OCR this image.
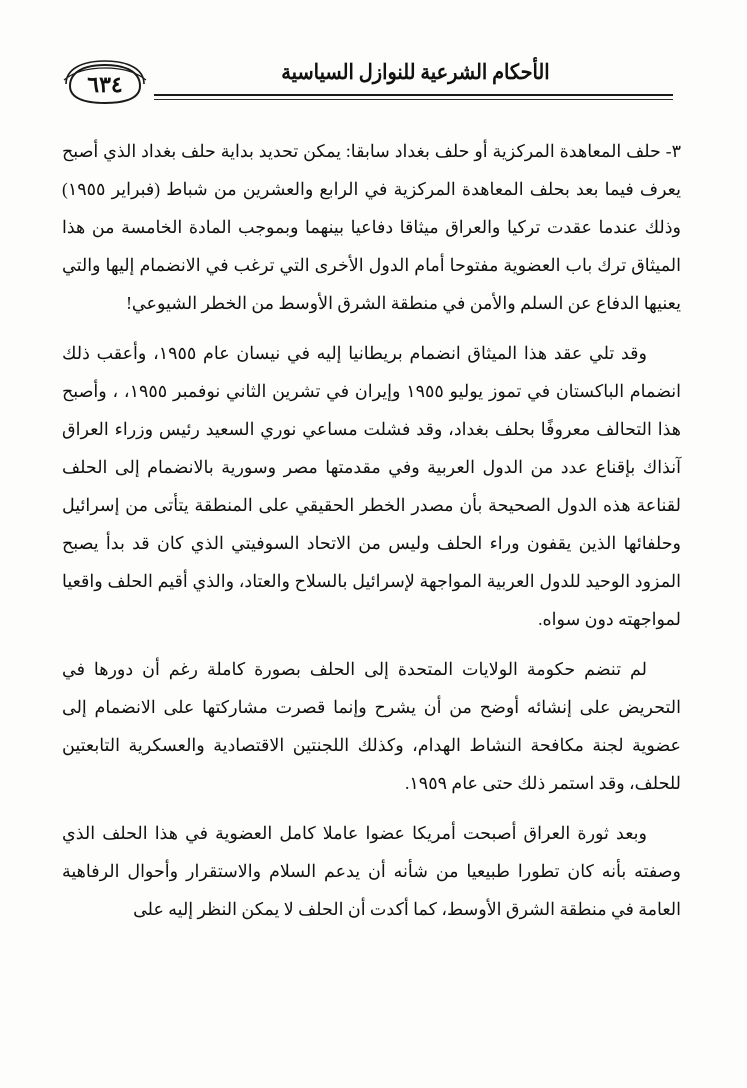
الأحكام الشرعية للنوازل السياسية
٦٣٤

٣- حلف المعاهدة المركزية أو حلف بغداد سابقا: يمكن تحديد بداية حلف بغداد الذي أصبح يعرف فيما بعد بحلف المعاهدة المركزية في الرابع والعشرين من شباط (فبراير ١٩٥٥) وذلك عندما عقدت تركيا والعراق ميثاقا دفاعيا بينهما وبموجب المادة الخامسة من هذا الميثاق ترك باب العضوية مفتوحا أمام الدول الأخرى التي ترغب في الانضمام إليها والتي يعنيها الدفاع عن السلم والأمن في منطقة الشرق الأوسط من الخطر الشيوعي!

وقد تلي عقد هذا الميثاق انضمام بريطانيا إليه في نيسان عام ١٩٥٥، وأعقب ذلك انضمام الباكستان في تموز يوليو ١٩٥٥ وإيران في تشرين الثاني نوفمبر ١٩٥٥، ، وأصبح هذا التحالف معروفًا بحلف بغداد، وقد فشلت مساعي نوري السعيد رئيس وزراء العراق آنذاك بإقناع عدد من الدول العربية وفي مقدمتها مصر وسورية بالانضمام إلى الحلف لقناعة هذه الدول الصحيحة بأن مصدر الخطر الحقيقي على المنطقة يتأتى من إسرائيل وحلفائها الذين يقفون وراء الحلف وليس من الاتحاد السوفيتي الذي كان قد بدأ يصبح المزود الوحيد للدول العربية المواجهة لإسرائيل بالسلاح والعتاد، والذي أقيم الحلف واقعيا لمواجهته دون سواه.

لم تنضم حكومة الولايات المتحدة إلى الحلف بصورة كاملة رغم أن دورها في التحريض على إنشائه أوضح من أن يشرح وإنما قصرت مشاركتها على الانضمام إلى عضوية لجنة مكافحة النشاط الهدام، وكذلك اللجنتين الاقتصادية والعسكرية التابعتين للحلف، وقد استمر ذلك حتى عام ١٩٥٩.

وبعد ثورة العراق أصبحت أمريكا عضوا عاملا كامل العضوية في هذا الحلف الذي وصفته بأنه كان تطورا طبيعيا من شأنه أن يدعم السلام والاستقرار وأحوال الرفاهية العامة في منطقة الشرق الأوسط، كما أكدت أن الحلف لا يمكن النظر إليه على
